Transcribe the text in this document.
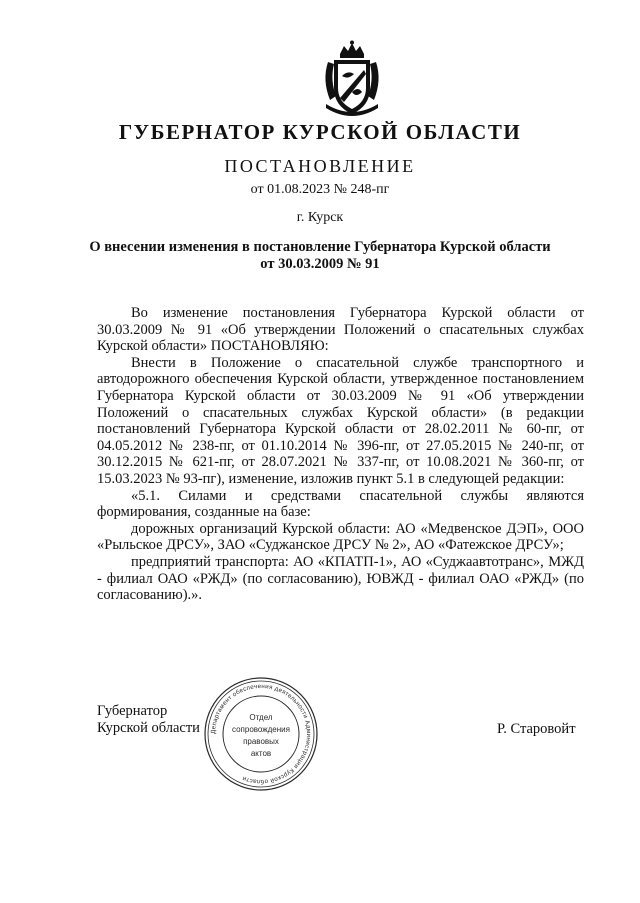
ГУБЕРНАТОР КУРСКОЙ ОБЛАСТИ
ПОСТАНОВЛЕНИЕ
от 01.08.2023 № 248-пг
г. Курск
О внесении изменения в постановление Губернатора Курской области
от 30.03.2009 № 91

Во изменение постановления Губернатора Курской области от 30.03.2009 № 91 «Об утверждении Положений о спасательных службах Курской области» ПОСТАНОВЛЯЮ:

Внести в Положение о спасательной службе транспортного и автодорожного обеспечения Курской области, утвержденное постановлением Губернатора Курской области от 30.03.2009 № 91 «Об утверждении Положений о спасательных службах Курской области» (в редакции постановлений Губернатора Курской области от 28.02.2011 № 60-пг, от 04.05.2012 № 238-пг, от 01.10.2014 № 396-пг, от 27.05.2015 № 240-пг, от 30.12.2015 № 621-пг, от 28.07.2021 № 337-пг, от 10.08.2021 № 360-пг, от 15.03.2023 № 93-пг), изменение, изложив пункт 5.1 в следующей редакции:

«5.1. Силами и средствами спасательной службы являются формирования, созданные на базе:

дорожных организаций Курской области: АО «Медвенское ДЭП», ООО «Рыльское ДРСУ», ЗАО «Суджанское ДРСУ № 2», АО «Фатежское ДРСУ»;

предприятий транспорта: АО «КПАТП-1», АО «Суджаавтотранс», МЖД - филиал ОАО «РЖД» (по согласованию), ЮВЖД - филиал ОАО «РЖД» (по согласованию).».

Губернатор
Курской области	Р. Старовойт
Департамент обеспечения деятельности Администрации Курской области
Отдел
сопровождения
правовых
актов
